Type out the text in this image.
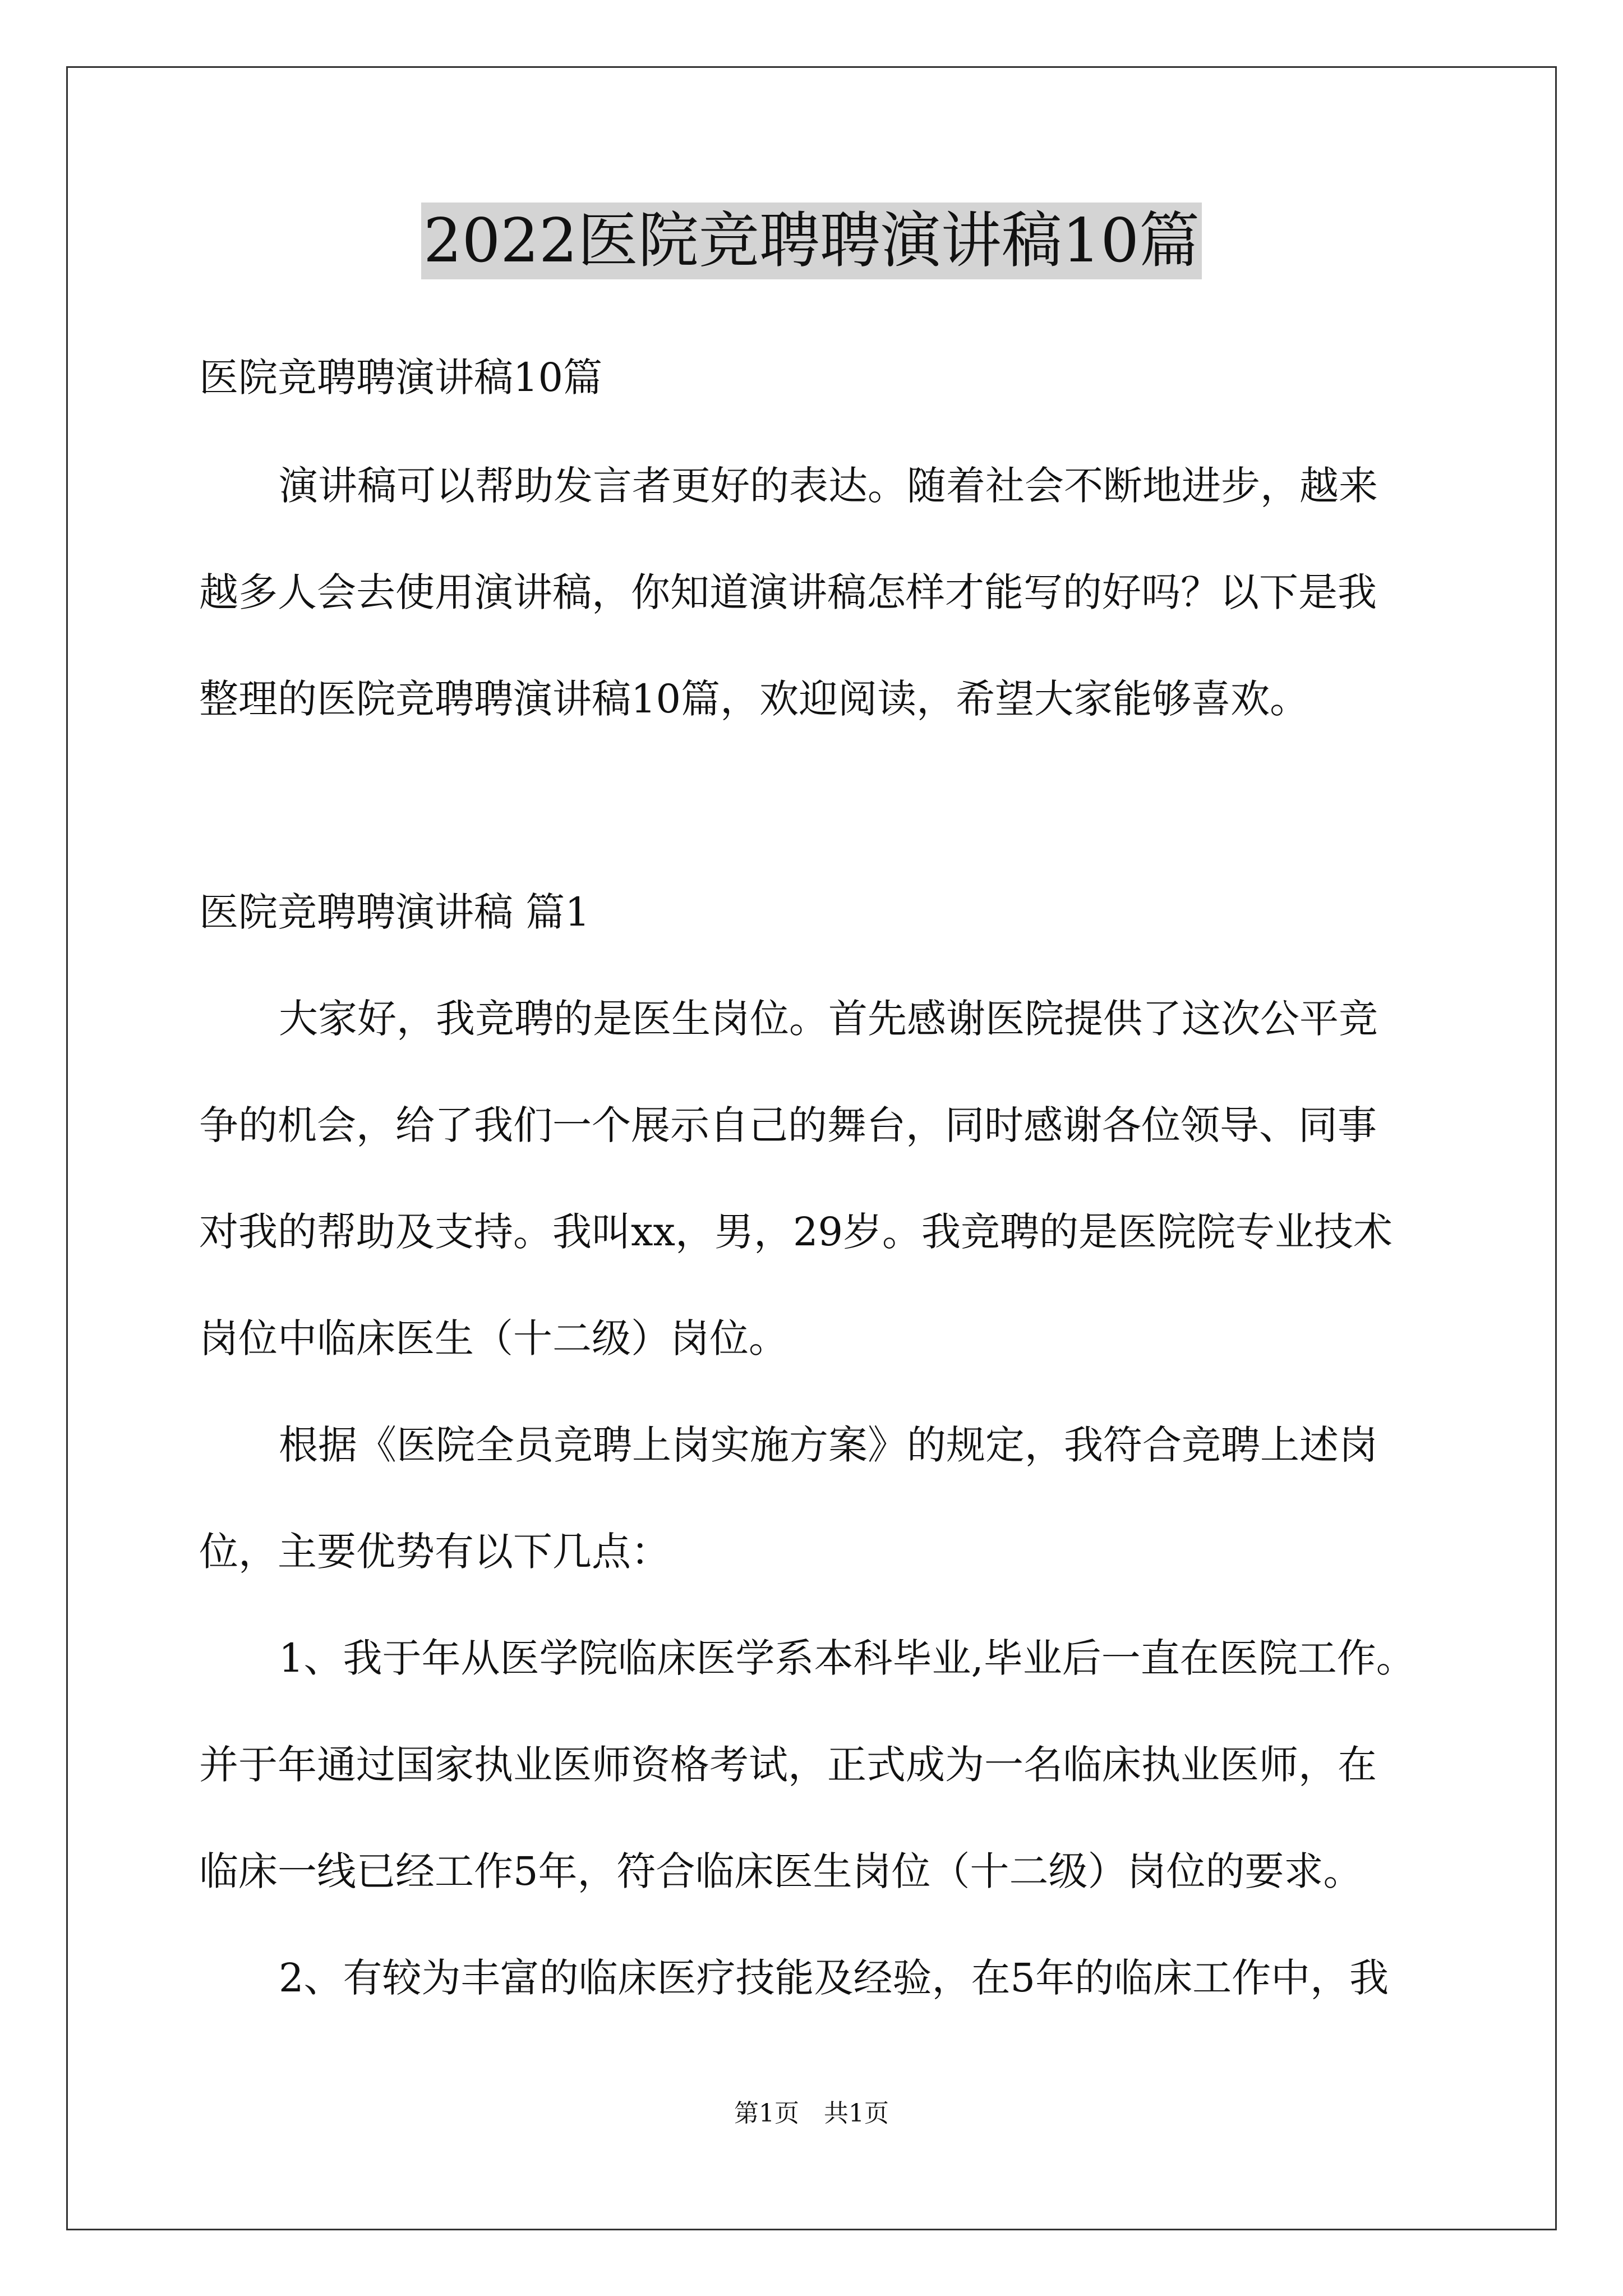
2022医院竞聘聘演讲稿10篇
医院竞聘聘演讲稿10篇
演讲稿可以帮助发言者更好的表达。随着社会不断地进步，越来
越多人会去使用演讲稿，你知道演讲稿怎样才能写的好吗？以下是我
整理的医院竞聘聘演讲稿10篇，欢迎阅读，希望大家能够喜欢。
医院竞聘聘演讲稿 篇1
大家好，我竞聘的是医生岗位。首先感谢医院提供了这次公平竞
争的机会，给了我们一个展示自己的舞台，同时感谢各位领导、同事
对我的帮助及支持。我叫xx，男，29岁。我竞聘的是医院院专业技术
岗位中临床医生（十二级）岗位。
根据《医院全员竞聘上岗实施方案》的规定，我符合竞聘上述岗
位，主要优势有以下几点：
1、我于年从医学院临床医学系本科毕业,毕业后一直在医院工作。
并于年通过国家执业医师资格考试，正式成为一名临床执业医师，在
临床一线已经工作5年，符合临床医生岗位（十二级）岗位的要求。
2、有较为丰富的临床医疗技能及经验，在5年的临床工作中，我
第1页　共1页
